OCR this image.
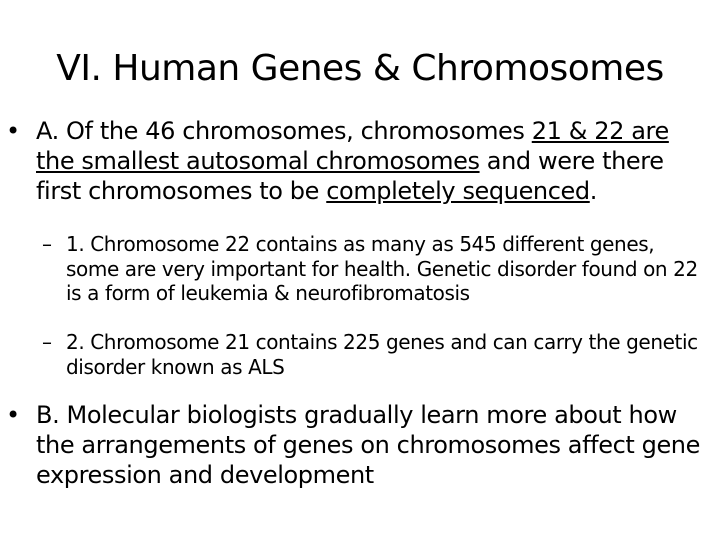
VI. Human Genes & Chromosomes
• A. Of the 46 chromosomes, chromosomes 21 & 22 are the smallest autosomal chromosomes and were there first chromosomes to be completely sequenced.
– 1. Chromosome 22 contains as many as 545 different genes, some are very important for health. Genetic disorder found on 22 is a form of leukemia & neurofibromatosis
– 2. Chromosome 21 contains 225 genes and can carry the genetic disorder known as ALS
• B. Molecular biologists gradually learn more about how the arrangements of genes on chromosomes affect gene expression and development
